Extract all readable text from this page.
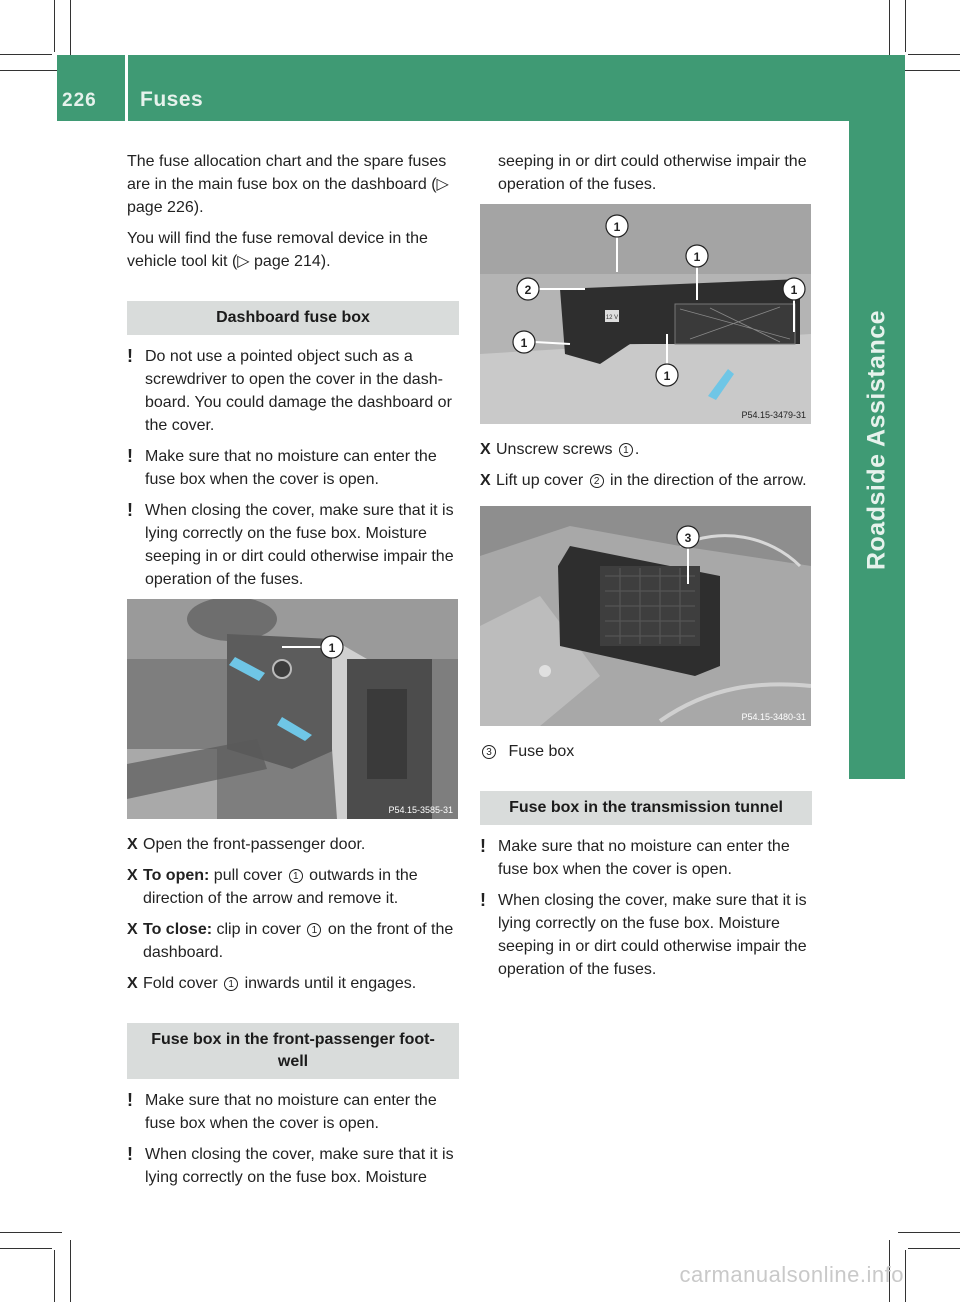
226 Fuses
Roadside Assistance

The fuse allocation chart and the spare fuses are in the main fuse box on the dashboard (▷ page 226).

You will find the fuse removal device in the vehicle tool kit (▷ page 214).

Dashboard fuse box
! Do not use a pointed object such as a screwdriver to open the cover in the dash-board. You could damage the dashboard or the cover.
! Make sure that no moisture can enter the fuse box when the cover is open.
! When closing the cover, make sure that it is lying correctly on the fuse box. Moisture seeping in or dirt could otherwise impair the operation of the fuses.
1
P54.15-3585-31
X Open the front-passenger door.
X To open: pull cover 1 outwards in the direction of the arrow and remove it.
X To close: clip in cover 1 on the front of the dashboard.
X Fold cover 1 inwards until it engages.
Fuse box in the front-passenger foot-well
! Make sure that no moisture can enter the fuse box when the cover is open.
! When closing the cover, make sure that it is lying correctly on the fuse box. Moisture

seeping in or dirt could otherwise impair the operation of the fuses.

12 V
1
1
1
2
1
1
P54.15-3479-31
X Unscrew screws 1 .
X Lift up cover 2 in the direction of the arrow.
3
P54.15-3480-31
3 Fuse box
Fuse box in the transmission tunnel
! Make sure that no moisture can enter the fuse box when the cover is open.
! When closing the cover, make sure that it is lying correctly on the fuse box. Moisture seeping in or dirt could otherwise impair the operation of the fuses.
carmanualsonline.info
